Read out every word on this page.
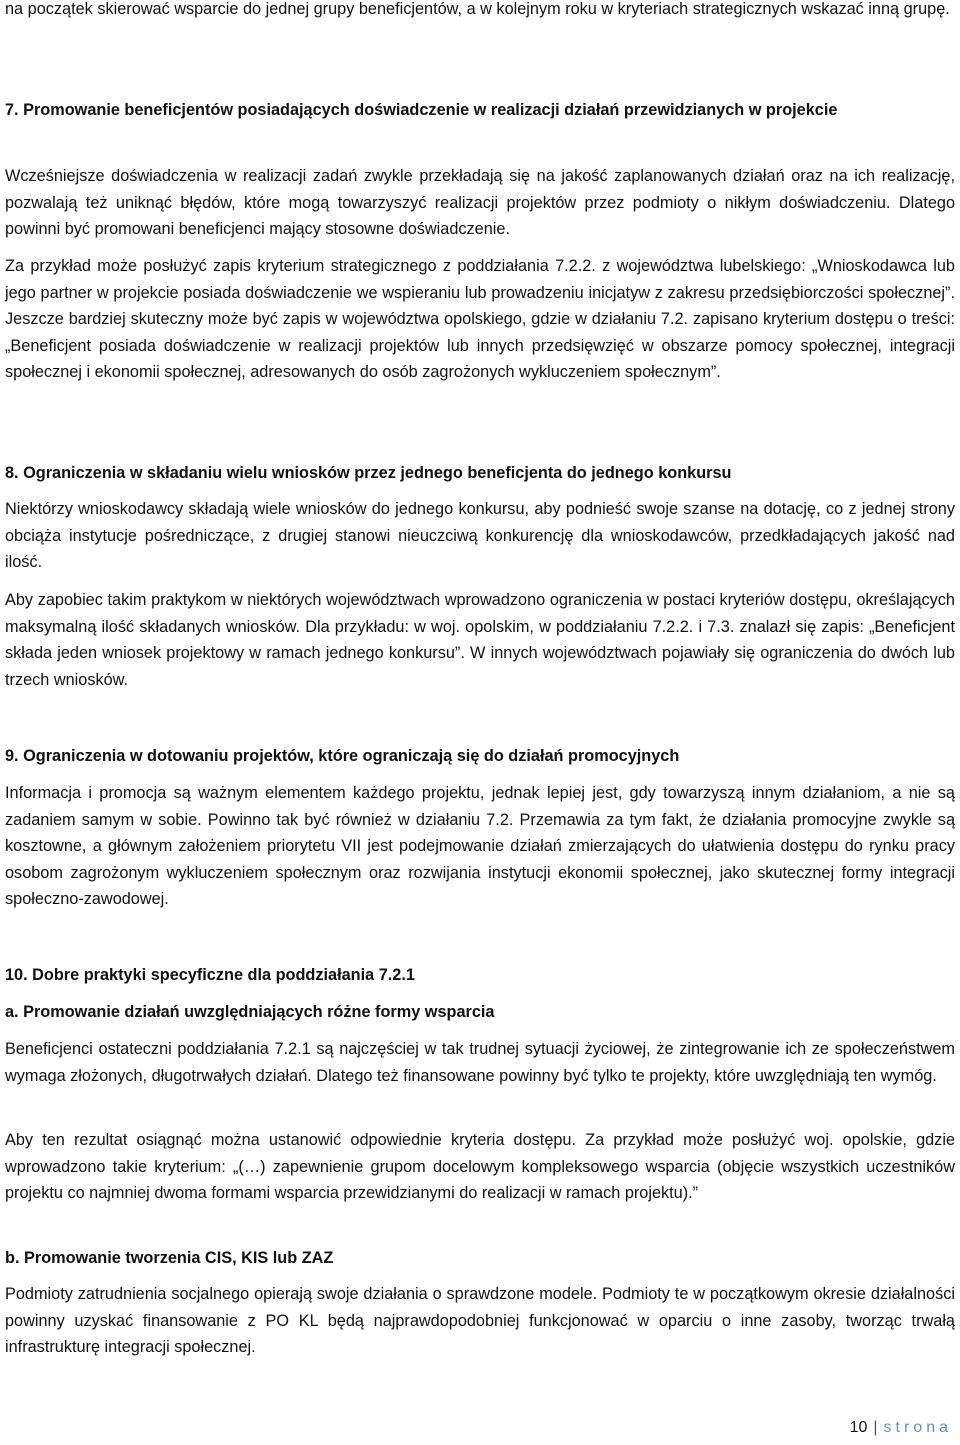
na początek skierować wsparcie do jednej grupy beneficjentów, a w kolejnym roku w kryteriach strategicznych wskazać inną grupę.

7. Promowanie beneficjentów posiadających doświadczenie w realizacji działań przewidzianych w projekcie

Wcześniejsze doświadczenia w realizacji zadań zwykle przekładają się na jakość zaplanowanych działań oraz na ich realizację, pozwalają też uniknąć błędów, które mogą towarzyszyć realizacji projektów przez podmioty o nikłym doświadczeniu. Dlatego powinni być promowani beneficjenci mający stosowne doświadczenie.

Za przykład może posłużyć zapis kryterium strategicznego z poddziałania 7.2.2. z województwa lubelskiego: „Wnioskodawca lub jego partner w projekcie posiada doświadczenie we wspieraniu lub prowadzeniu inicjatyw z zakresu przedsiębiorczości społecznej”. Jeszcze bardziej skuteczny może być zapis w województwa opolskiego, gdzie w działaniu 7.2. zapisano kryterium dostępu o treści: „Beneficjent posiada doświadczenie w realizacji projektów lub innych przedsięwzięć w obszarze pomocy społecznej, integracji społecznej i ekonomii społecznej, adresowanych do osób zagrożonych wykluczeniem społecznym”.

8. Ograniczenia w składaniu wielu wniosków przez jednego beneficjenta do jednego konkursu

Niektórzy wnioskodawcy składają wiele wniosków do jednego konkursu, aby podnieść swoje szanse na dotację, co z jednej strony obciąża instytucje pośredniczące, z drugiej stanowi nieuczciwą konkurencję dla wnioskodawców, przedkładających jakość nad ilość.

Aby zapobiec takim praktykom w niektórych województwach wprowadzono ograniczenia w postaci kryteriów dostępu, określających maksymalną ilość składanych wniosków. Dla przykładu: w woj. opolskim, w poddziałaniu 7.2.2. i 7.3. znalazł się zapis: „Beneficjent składa jeden wniosek projektowy w ramach jednego konkursu”. W innych województwach pojawiały się ograniczenia do dwóch lub trzech wniosków.

9. Ograniczenia w dotowaniu projektów, które ograniczają się do działań promocyjnych

Informacja i promocja są ważnym elementem każdego projektu, jednak lepiej jest, gdy towarzyszą innym działaniom, a nie są zadaniem samym w sobie. Powinno tak być również w działaniu 7.2. Przemawia za tym fakt, że działania promocyjne zwykle są kosztowne, a głównym założeniem priorytetu VII jest podejmowanie działań zmierzających do ułatwienia dostępu do rynku pracy osobom zagrożonym wykluczeniem społecznym oraz rozwijania instytucji ekonomii społecznej, jako skutecznej formy integracji społeczno-zawodowej.

10. Dobre praktyki specyficzne dla poddziałania 7.2.1

a. Promowanie działań uwzględniających różne formy wsparcia

Beneficjenci ostateczni poddziałania 7.2.1 są najczęściej w tak trudnej sytuacji życiowej, że zintegrowanie ich ze społeczeństwem wymaga złożonych, długotrwałych działań. Dlatego też finansowane powinny być tylko te projekty, które uwzględniają ten wymóg.

Aby ten rezultat osiągnąć można ustanowić odpowiednie kryteria dostępu. Za przykład może posłużyć woj. opolskie, gdzie wprowadzono takie kryterium: „(…) zapewnienie grupom docelowym kompleksowego wsparcia (objęcie wszystkich uczestników projektu co najmniej dwoma formami wsparcia przewidzianymi do realizacji w ramach projektu).”

b. Promowanie tworzenia CIS, KIS lub ZAZ

Podmioty zatrudnienia socjalnego opierają swoje działania o sprawdzone modele. Podmioty te w początkowym okresie działalności powinny uzyskać finansowanie z PO KL będą najprawdopodobniej funkcjonować w oparciu o inne zasoby, tworząc trwałą infrastrukturę integracji społecznej.

10 | strona
